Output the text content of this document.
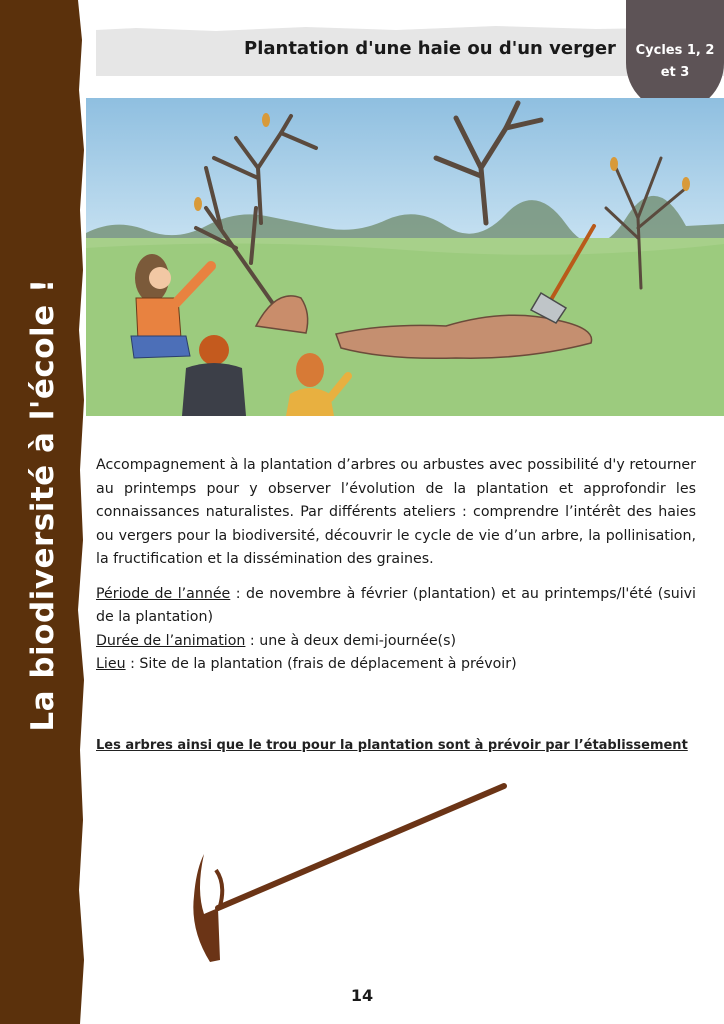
La biodiversité à l'école !
Plantation d'une haie ou d'un verger	Cycles 1, 2
et 3

Accompagnement à la plantation d’arbres ou arbustes avec possibilité d'y retourner au printemps pour y observer l’évolution de la plantation et approfondir les connaissances naturalistes. Par différents ateliers : comprendre l’intérêt des haies ou vergers pour la biodiversité, découvrir le cycle de vie d’un arbre, la pollinisation, la fructification et la dissémination des graines.

Période de l’année : de novembre à février (plantation) et au printemps/l'été (suivi de la plantation)

Durée de l’animation : une à deux demi-journée(s)

Lieu : Site de la plantation (frais de déplacement à prévoir)

Les arbres ainsi que le trou pour la plantation sont à prévoir par l’établissement
14
